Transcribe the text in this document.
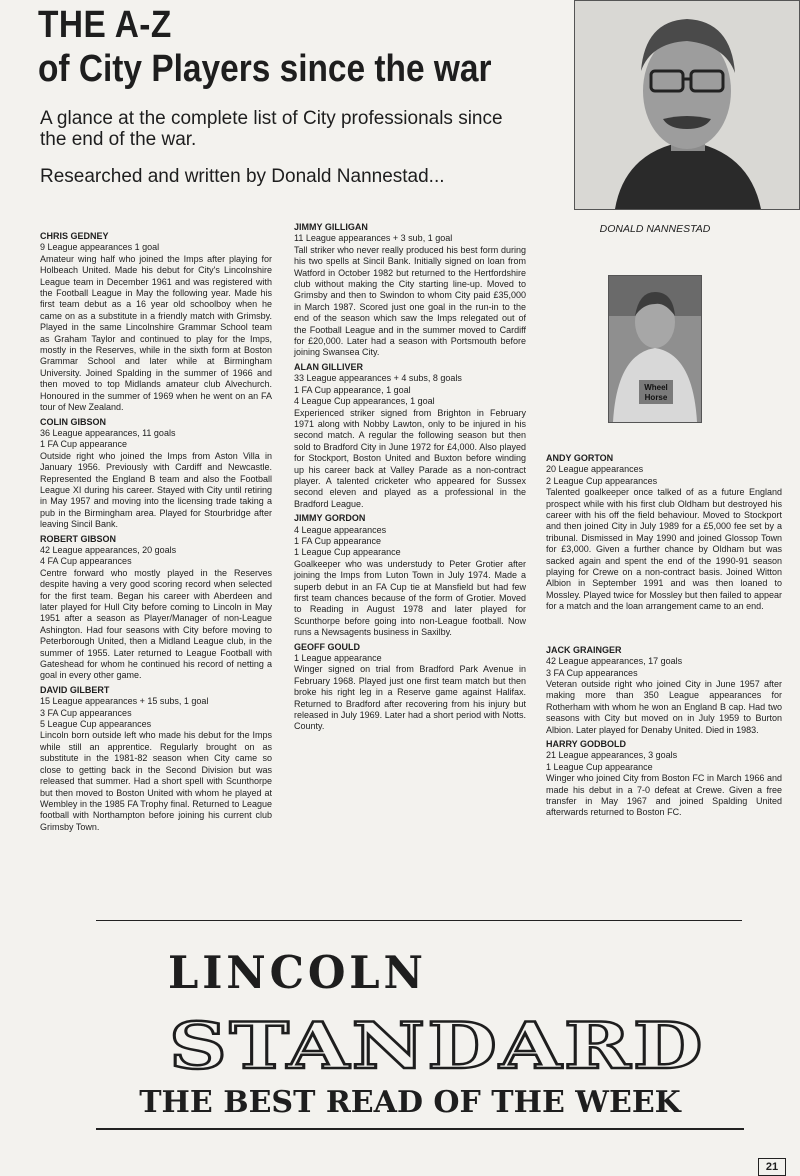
THE A-Z
of City Players since the war
A glance at the complete list of City professionals since the end of the war.
Researched and written by Donald Nannestad...
DONALD NANNESTAD
Wheel
Horse
CHRIS GEDNEY
9 League appearances 1 goal
Amateur wing half who joined the Imps after playing for Holbeach United. Made his debut for City's Lincolnshire League team in December 1961 and was registered with the Football League in May the following year. Made his first team debut as a 16 year old schoolboy when he came on as a substitute in a friendly match with Grimsby. Played in the same Lincolnshire Grammar School team as Graham Taylor and continued to play for the Imps, mostly in the Reserves, while in the sixth form at Boston Grammar School and later while at Birmingham University. Joined Spalding in the summer of 1966 and then moved to top Midlands amateur club Alvechurch. Honoured in the summer of 1969 when he went on an FA tour of New Zealand.
COLIN GIBSON
36 League appearances, 11 goals
1 FA Cup appearance
Outside right who joined the Imps from Aston Villa in January 1956. Previously with Cardiff and Newcastle. Represented the England B team and also the Football League XI during his career. Stayed with City until retiring in May 1957 and moving into the licensing trade taking a pub in the Birmingham area. Played for Stourbridge after leaving Sincil Bank.
ROBERT GIBSON
42 League appearances, 20 goals
4 FA Cup appearances
Centre forward who mostly played in the Reserves despite having a very good scoring record when selected for the first team. Began his career with Aberdeen and later played for Hull City before coming to Lincoln in May 1951 after a season as Player/Manager of non-League Ashington. Had four seasons with City before moving to Peterborough United, then a Midland League club, in the summer of 1955. Later returned to League Football with Gateshead for whom he continued his record of netting a goal in every other game.
DAVID GILBERT
15 League appearances + 15 subs, 1 goal
3 FA Cup appearances
5 League Cup appearances
Lincoln born outside left who made his debut for the Imps while still an apprentice. Regularly brought on as substitute in the 1981-82 season when City came so close to getting back in the Second Division but was released that summer. Had a short spell with Scunthorpe but then moved to Boston United with whom he played at Wembley in the 1985 FA Trophy final. Returned to League football with Northampton before joining his current club Grimsby Town.
JIMMY GILLIGAN
11 League appearances + 3 sub, 1 goal
Tall striker who never really produced his best form during his two spells at Sincil Bank. Initially signed on loan from Watford in October 1982 but returned to the Hertfordshire club without making the City starting line-up. Moved to Grimsby and then to Swindon to whom City paid £35,000 in March 1987. Scored just one goal in the run-in to the end of the season which saw the Imps relegated out of the Football League and in the summer moved to Cardiff for £20,000. Later had a season with Portsmouth before joining Swansea City.
ALAN GILLIVER
33 League appearances + 4 subs, 8 goals
1 FA Cup appearance, 1 goal
4 League Cup appearances, 1 goal
Experienced striker signed from Brighton in February 1971 along with Nobby Lawton, only to be injured in his second match. A regular the following season but then sold to Bradford City in June 1972 for £4,000. Also played for Stockport, Boston United and Buxton before winding up his career back at Valley Parade as a non-contract player. A talented cricketer who appeared for Sussex second eleven and played as a professional in the Bradford League.
JIMMY GORDON
4 League appearances
1 FA Cup appearance
1 League Cup appearance
Goalkeeper who was understudy to Peter Grotier after joining the Imps from Luton Town in July 1974. Made a superb debut in an FA Cup tie at Mansfield but had few first team chances because of the form of Grotier. Moved to Reading in August 1978 and later played for Scunthorpe before going into non-League football. Now runs a Newsagents business in Saxilby.
GEOFF GOULD
1 League appearance
Winger signed on trial from Bradford Park Avenue in February 1968. Played just one first team match but then broke his right leg in a Reserve game against Halifax. Returned to Bradford after recovering from his injury but released in July 1969. Later had a short period with Notts. County.
ANDY GORTON
20 League appearances
2 League Cup appearances
Talented goalkeeper once talked of as a future England prospect while with his first club Oldham but destroyed his career with his off the field behaviour. Moved to Stockport and then joined City in July 1989 for a £5,000 fee set by a tribunal. Dismissed in May 1990 and joined Glossop Town for £3,000. Given a further chance by Oldham but was sacked again and spent the end of the 1990-91 season playing for Crewe on a non-contract basis. Joined Witton Albion in September 1991 and was then loaned to Mossley. Played twice for Mossley but then failed to appear for a match and the loan arrangement came to an end.
JACK GRAINGER
42 League appearances, 17 goals
3 FA Cup appearances
Veteran outside right who joined City in June 1957 after making more than 350 League appearances for Rotherham with whom he won an England B cap. Had two seasons with City but moved on in July 1959 to Burton Albion. Later played for Denaby United. Died in 1983.
HARRY GODBOLD
21 League appearances, 3 goals
1 League Cup appearance
Winger who joined City from Boston FC in March 1966 and made his debut in a 7-0 defeat at Crewe. Given a free transfer in May 1967 and joined Spalding United afterwards returned to Boston FC.
LINCOLN
STANDARD
THE BEST READ OF THE WEEK
21
